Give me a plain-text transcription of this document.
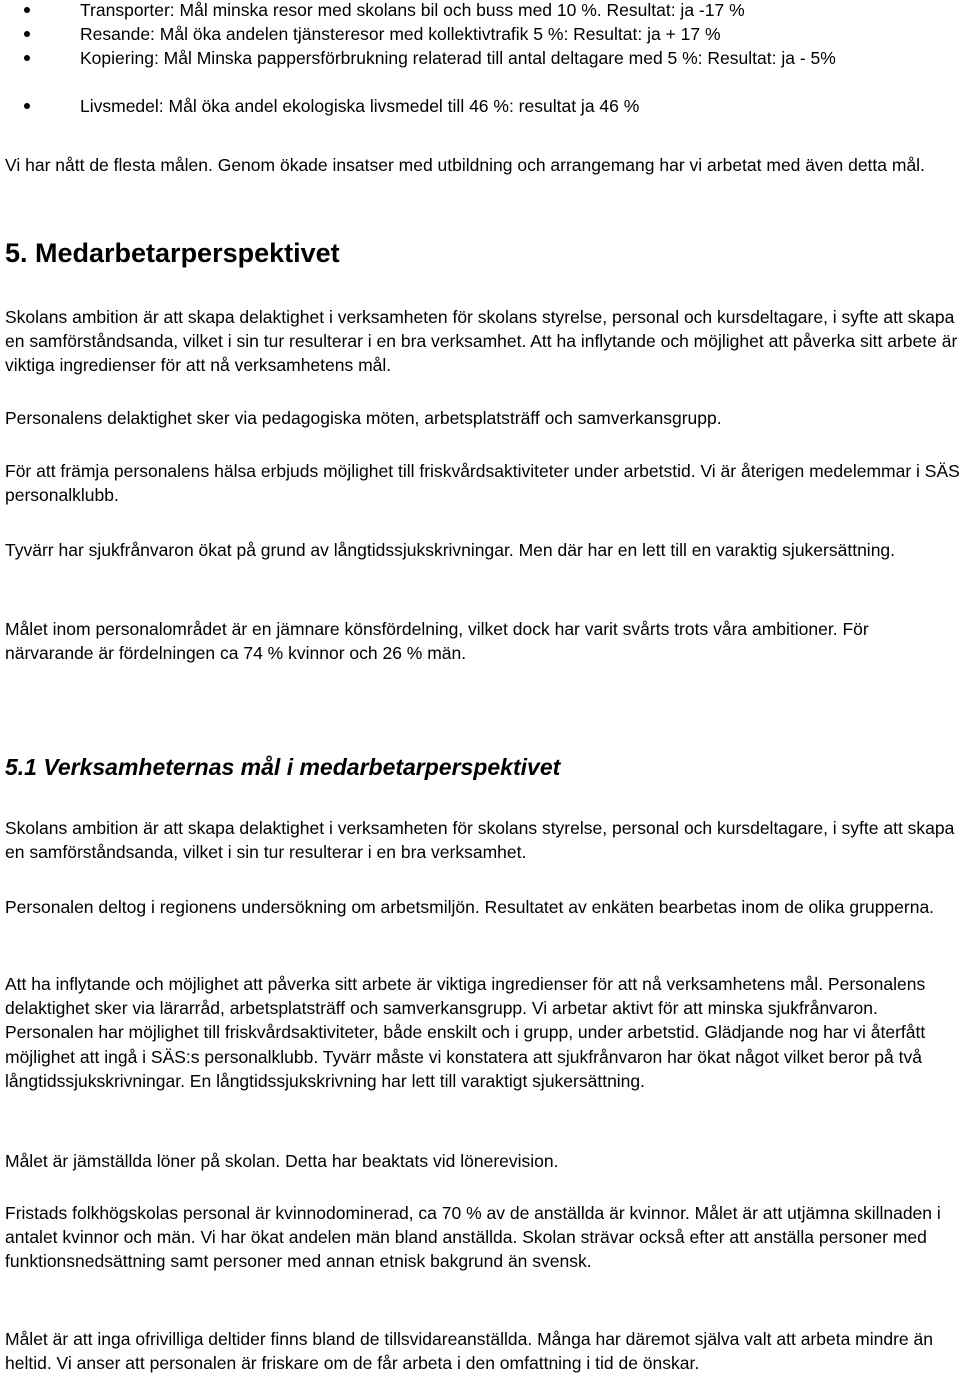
Transporter: Mål minska resor med skolans bil och buss med 10 %. Resultat: ja -17 %
Resande: Mål öka andelen tjänsteresor med kollektivtrafik 5 %: Resultat: ja + 17 %
Kopiering: Mål Minska pappersförbrukning relaterad till antal deltagare med 5 %: Resultat: ja - 5%
Livsmedel: Mål öka andel ekologiska livsmedel till 46 %: resultat ja 46 %

Vi har nått de flesta målen. Genom ökade insatser med utbildning och arrangemang har vi arbetat med även detta mål.

5. Medarbetarperspektivet

Skolans ambition är att skapa delaktighet i verksamheten för skolans styrelse, personal och kursdeltagare, i syfte att skapa en samförståndsanda, vilket i sin tur resulterar i en bra verksamhet. Att ha inflytande och möjlighet att påverka sitt arbete är viktiga ingredienser för att nå verksamhetens mål.

Personalens delaktighet sker via pedagogiska möten, arbetsplatsträff och samverkansgrupp.

För att främja personalens hälsa erbjuds möjlighet till friskvårdsaktiviteter under arbetstid. Vi är återigen medelemmar i SÄS personalklubb.

Tyvärr har sjukfrånvaron ökat på grund av långtidssjukskrivningar. Men där har en lett till en varaktig sjukersättning.

Målet inom personalområdet är en jämnare könsfördelning, vilket dock har varit svårts trots våra ambitioner. För närvarande är fördelningen ca 74 % kvinnor och 26 % män.

5.1 Verksamheternas mål i medarbetarperspektivet

Skolans ambition är att skapa delaktighet i verksamheten för skolans styrelse, personal och kursdeltagare, i syfte att skapa en samförståndsanda, vilket i sin tur resulterar i en bra verksamhet.

Personalen deltog i regionens undersökning om arbetsmiljön. Resultatet av enkäten bearbetas inom de olika grupperna.

Att ha inflytande och möjlighet att påverka sitt arbete är viktiga ingredienser för att nå verksamhetens mål. Personalens delaktighet sker via lärarråd, arbetsplatsträff och samverkansgrupp. Vi arbetar aktivt för att minska sjukfrånvaron. Personalen har möjlighet till friskvårdsaktiviteter, både enskilt och i grupp, under arbetstid. Glädjande nog har vi återfått möjlighet att ingå i SÄS:s personalklubb. Tyvärr måste vi konstatera att sjukfrånvaron har ökat något vilket beror på två långtidssjukskrivningar. En långtidssjukskrivning har lett till varaktigt sjukersättning.

Målet är jämställda löner på skolan. Detta har beaktats vid lönerevision.

Fristads folkhögskolas personal är kvinnodominerad, ca 70 % av de anställda är kvinnor. Målet är att utjämna skillnaden i antalet kvinnor och män. Vi har ökat andelen män bland anställda. Skolan strävar också efter att anställa personer med funktionsnedsättning samt personer med annan etnisk bakgrund än svensk.

Målet är att inga ofrivilliga deltider finns bland de tillsvidareanställda. Många har däremot själva valt att arbeta mindre än heltid. Vi anser att personalen är friskare om de får arbeta i den omfattning i tid de önskar.
